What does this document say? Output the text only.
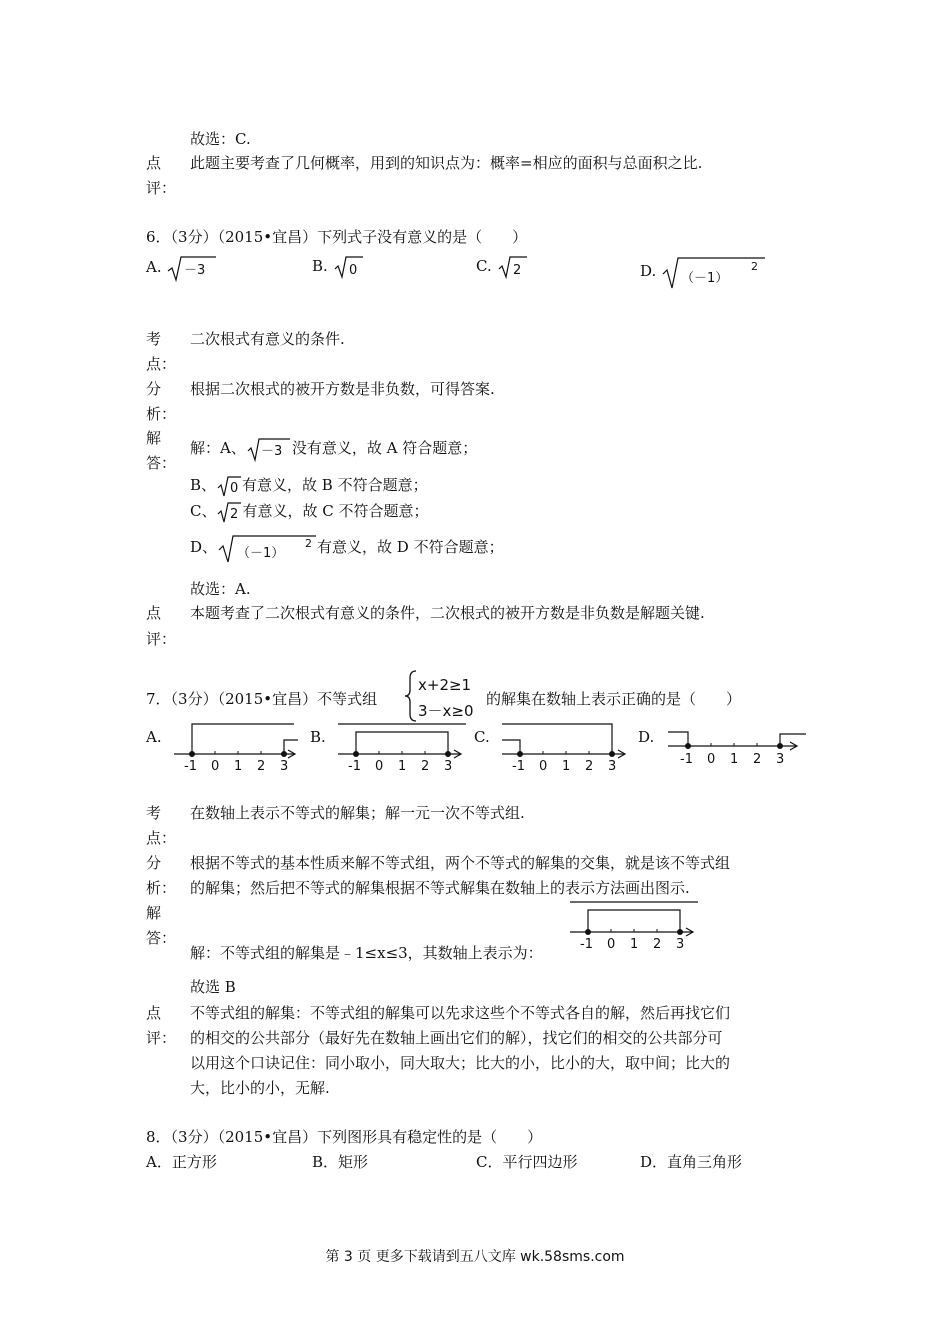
故选：C.
点
评：
此题主要考查了几何概率，用到的知识点为：概率=相应的面积与总面积之比.
6．（3分）（2015•宜昌）下列式子没有意义的是（　　）
A. －3	B. 0	C. 2	D. （－1）
2
考
点：
二次根式有意义的条件.
分
析：
根据二次根式的被开方数是非负数，可得答案.
解
答：
解：A、 －3 没有意义，故 A 符合题意；
B、 0 有意义，故 B 不符合题意；
C、 2 有意义，故 C 不符合题意；
D、 （－1）
2 有意义，故 D 不符合题意；
故选：A.
点
评：
本题考查了二次根式有意义的条件，二次根式的被开方数是非负数是解题关键.
7．（3分）（2015•宜昌）不等式组
x+2≥1
3－x≥0
的解集在数轴上表示正确的是（　　）
A.
-1 0 1 2 3
B.
-1 0 1 2 3
C.
-1 0 1 2 3
D.
-1 0 1 2 3
考
点：
在数轴上表示不等式的解集；解一元一次不等式组.
分
析：
根据不等式的基本性质来解不等式组，两个不等式的解集的交集，就是该不等式组
的解集；然后把不等式的解集根据不等式解集在数轴上的表示方法画出图示.
解
答：
解：不等式组的解集是﹣1≤x≤3，其数轴上表示为：	-1 0 1 2 3
故选 B
点
评：
不等式组的解集：不等式组的解集可以先求这些个不等式各自的解，然后再找它们
的相交的公共部分（最好先在数轴上画出它们的解），找它们的相交的公共部分可
以用这个口诀记住：同小取小，同大取大；比大的小，比小的大，取中间；比大的
大，比小的小，无解.
8．（3分）（2015•宜昌）下列图形具有稳定性的是（　　）
A．正方形	B．矩形	C．平行四边形	D．直角三角形
第 3 页 更多下载请到五八文库 wk.58sms.com
